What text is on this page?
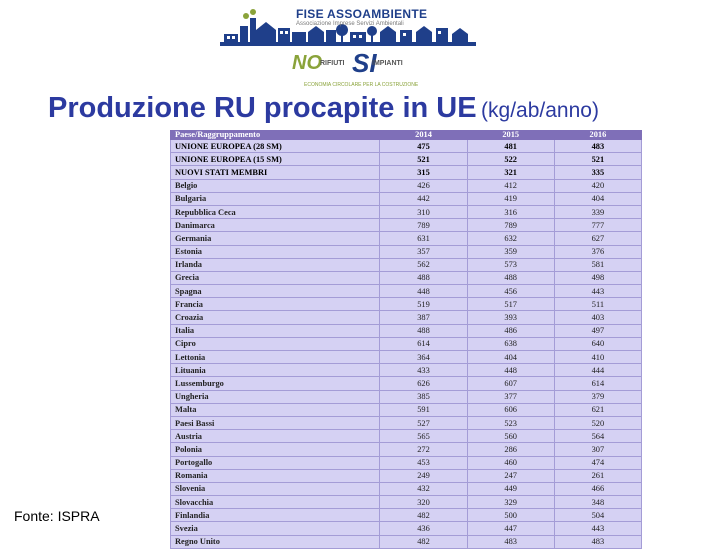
FISE ASSOAMBIENTE
Associazione Imprese Servizi Ambientali
NO
RIFIUTI SI
IMPIANTI
ECONOMIA CIRCOLARE PER LA COSTRUZIONE
Produzione RU procapite in UE (kg/ab/anno)
Paese/Raggruppamento	2014	2015	2016
UNIONE EUROPEA (28 SM)	475	481	483
UNIONE EUROPEA (15 SM)	521	522	521
NUOVI STATI MEMBRI	315	321	335
Belgio	426	412	420
Bulgaria	442	419	404
Repubblica Ceca	310	316	339
Danimarca	789	789	777
Germania	631	632	627
Estonia	357	359	376
Irlanda	562	573	581
Grecia	488	488	498
Spagna	448	456	443
Francia	519	517	511
Croazia	387	393	403
Italia	488	486	497
Cipro	614	638	640
Lettonia	364	404	410
Lituania	433	448	444
Lussemburgo	626	607	614
Ungheria	385	377	379
Malta	591	606	621
Paesi Bassi	527	523	520
Austria	565	560	564
Polonia	272	286	307
Portogallo	453	460	474
Romania	249	247	261
Slovenia	432	449	466
Slovacchia	320	329	348
Finlandia	482	500	504
Svezia	436	447	443
Regno Unito	482	483	483
Fonte: ISPRA
